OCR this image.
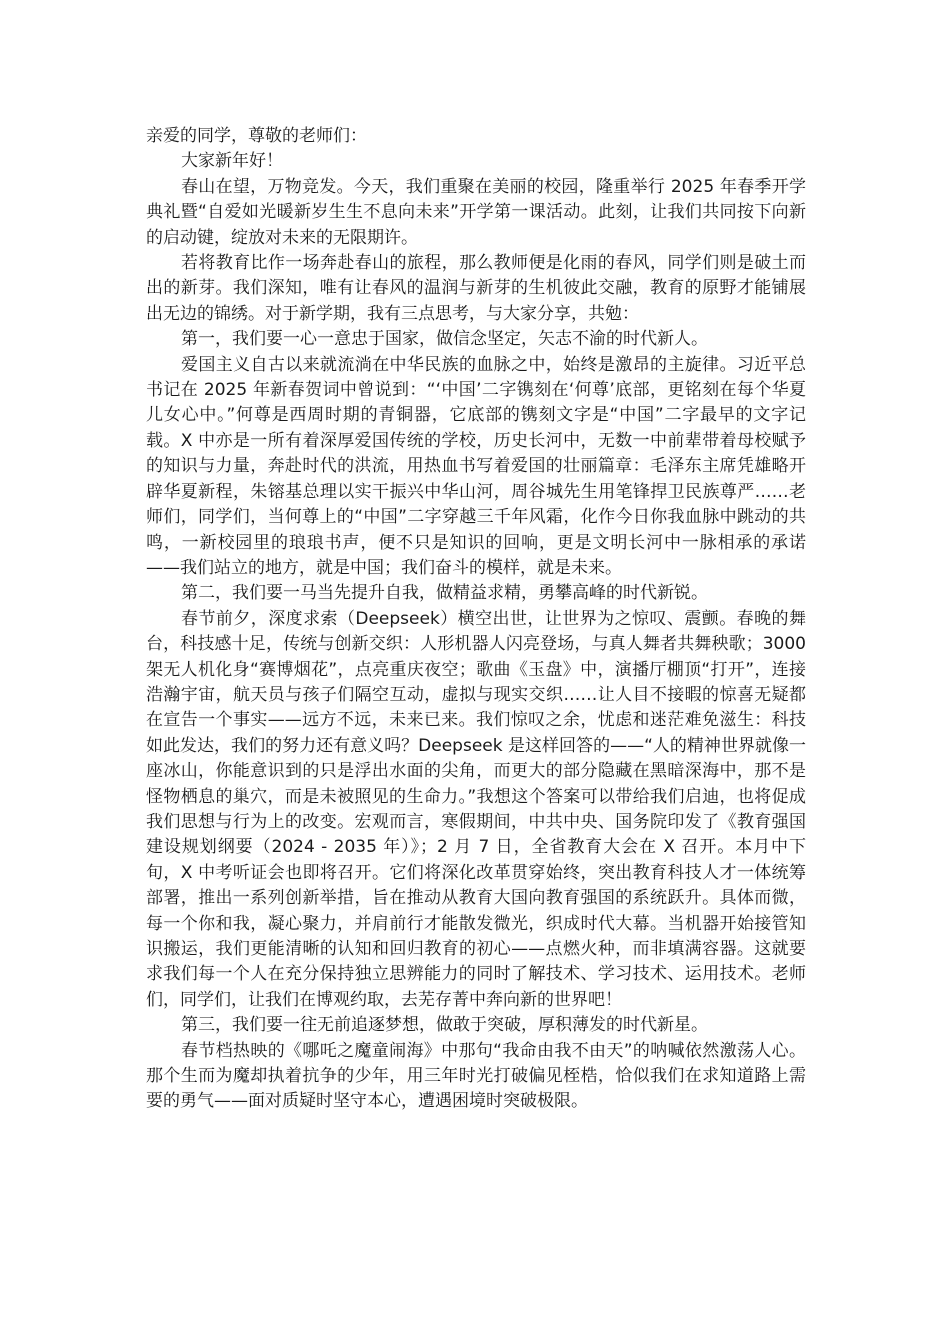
亲爱的同学，尊敬的老师们：

大家新年好！

春山在望，万物竞发。今天，我们重聚在美丽的校园，隆重举行 2025 年春季开学典礼暨“自爱如光暖新岁生生不息向未来”开学第一课活动。此刻，让我们共同按下向新的启动键，绽放对未来的无限期许。

若将教育比作一场奔赴春山的旅程，那么教师便是化雨的春风，同学们则是破土而出的新芽。我们深知，唯有让春风的温润与新芽的生机彼此交融，教育的原野才能铺展出无边的锦绣。对于新学期，我有三点思考，与大家分享，共勉：

第一，我们要一心一意忠于国家，做信念坚定，矢志不渝的时代新人。

爱国主义自古以来就流淌在中华民族的血脉之中，始终是激昂的主旋律。习近平总书记在 2025 年新春贺词中曾说到：“‘中国’二字镌刻在‘何尊’底部，更铭刻在每个华夏儿女心中。”何尊是西周时期的青铜器，它底部的镌刻文字是“中国”二字最早的文字记载。X 中亦是一所有着深厚爱国传统的学校，历史长河中，无数一中前辈带着母校赋予的知识与力量，奔赴时代的洪流，用热血书写着爱国的壮丽篇章：毛泽东主席凭雄略开辟华夏新程，朱镕基总理以实干振兴中华山河，周谷城先生用笔锋捍卫民族尊严……老师们，同学们，当何尊上的“中国”二字穿越三千年风霜，化作今日你我血脉中跳动的共鸣，一新校园里的琅琅书声，便不只是知识的回响，更是文明长河中一脉相承的承诺——我们站立的地方，就是中国；我们奋斗的模样，就是未来。

第二，我们要一马当先提升自我，做精益求精，勇攀高峰的时代新锐。

春节前夕，深度求索（Deepseek）横空出世，让世界为之惊叹、震颤。春晚的舞台，科技感十足，传统与创新交织：人形机器人闪亮登场，与真人舞者共舞秧歌；3000 架无人机化身“赛博烟花”，点亮重庆夜空；歌曲《玉盘》中，演播厅棚顶“打开”，连接浩瀚宇宙，航天员与孩子们隔空互动，虚拟与现实交织……让人目不接暇的惊喜无疑都在宣告一个事实——远方不远，未来已来。我们惊叹之余，忧虑和迷茫难免滋生：科技如此发达，我们的努力还有意义吗？Deepseek 是这样回答的——“人的精神世界就像一座冰山，你能意识到的只是浮出水面的尖角，而更大的部分隐藏在黑暗深海中，那不是怪物栖息的巢穴，而是未被照见的生命力。”我想这个答案可以带给我们启迪，也将促成我们思想与行为上的改变。宏观而言，寒假期间，中共中央、国务院印发了《教育强国建设规划纲要（2024 - 2035 年）》；2 月 7 日，全省教育大会在 X 召开。本月中下旬，X 中考听证会也即将召开。它们将深化改革贯穿始终，突出教育科技人才一体统筹部署，推出一系列创新举措，旨在推动从教育大国向教育强国的系统跃升。具体而微，每一个你和我，凝心聚力，并肩前行才能散发微光，织成时代大幕。当机器开始接管知识搬运，我们更能清晰的认知和回归教育的初心——点燃火种，而非填满容器。这就要求我们每一个人在充分保持独立思辨能力的同时了解技术、学习技术、运用技术。老师们，同学们，让我们在博观约取，去芜存菁中奔向新的世界吧！

第三，我们要一往无前追逐梦想，做敢于突破，厚积薄发的时代新星。

春节档热映的《哪吒之魔童闹海》中那句“我命由我不由天”的呐喊依然激荡人心。那个生而为魔却执着抗争的少年，用三年时光打破偏见桎梏，恰似我们在求知道路上需要的勇气——面对质疑时坚守本心，遭遇困境时突破极限。
